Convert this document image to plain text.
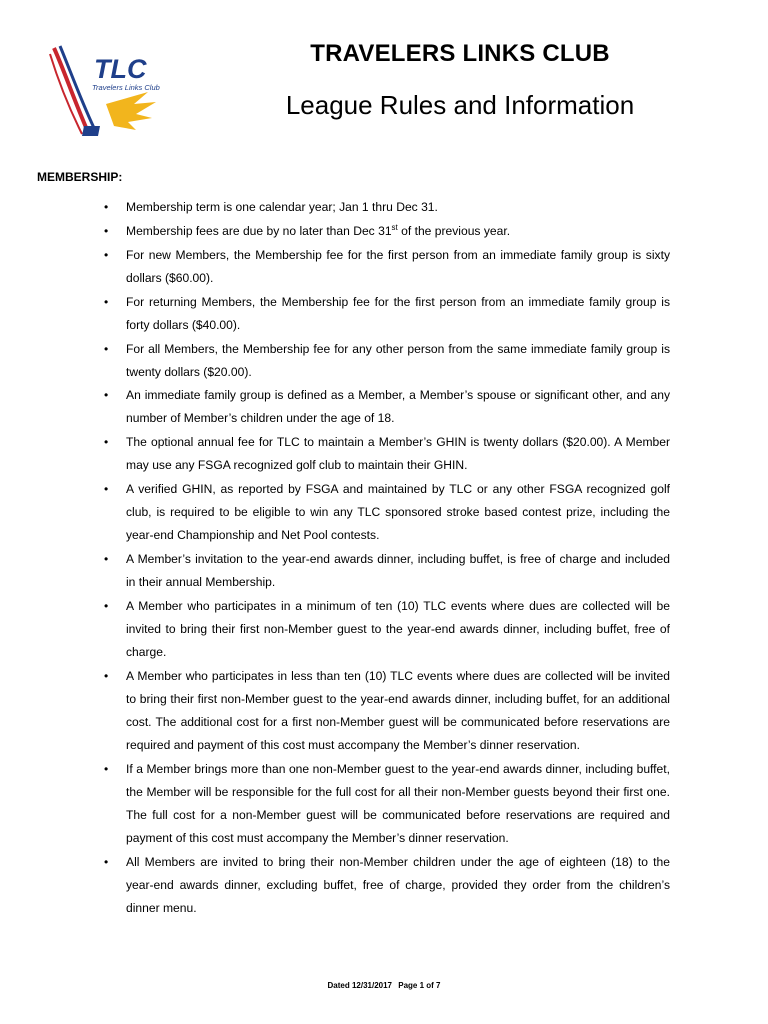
TLC
Travelers Links Club
TRAVELERS LINKS CLUB
League Rules and Information
MEMBERSHIP:
• Membership term is one calendar year; Jan 1 thru Dec 31.
• Membership fees are due by no later than Dec 31st of the previous year.
• For new Members, the Membership fee for the first person from an immediate family group is sixty dollars ($60.00).
• For returning Members, the Membership fee for the first person from an immediate family group is forty dollars ($40.00).
• For all Members, the Membership fee for any other person from the same immediate family group is twenty dollars ($20.00).
• An immediate family group is defined as a Member, a Member’s spouse or significant other, and any number of Member’s children under the age of 18.
• The optional annual fee for TLC to maintain a Member’s GHIN is twenty dollars ($20.00). A Member may use any FSGA recognized golf club to maintain their GHIN.
• A verified GHIN, as reported by FSGA and maintained by TLC or any other FSGA recognized golf club, is required to be eligible to win any TLC sponsored stroke based contest prize, including the year-end Championship and Net Pool contests.
• A Member’s invitation to the year-end awards dinner, including buffet, is free of charge and included in their annual Membership.
• A Member who participates in a minimum of ten (10) TLC events where dues are collected will be invited to bring their first non-Member guest to the year-end awards dinner, including buffet, free of charge.
• A Member who participates in less than ten (10) TLC events where dues are collected will be invited to bring their first non-Member guest to the year-end awards dinner, including buffet, for an additional cost. The additional cost for a first non-Member guest will be communicated before reservations are required and payment of this cost must accompany the Member’s dinner reservation.
• If a Member brings more than one non-Member guest to the year-end awards dinner, including buffet, the Member will be responsible for the full cost for all their non-Member guests beyond their first one. The full cost for a non-Member guest will be communicated before reservations are required and payment of this cost must accompany the Member’s dinner reservation.
• All Members are invited to bring their non-Member children under the age of eighteen (18) to the year-end awards dinner, excluding buffet, free of charge, provided they order from the children’s dinner menu.
Dated 12/31/2017 Page 1 of 7
